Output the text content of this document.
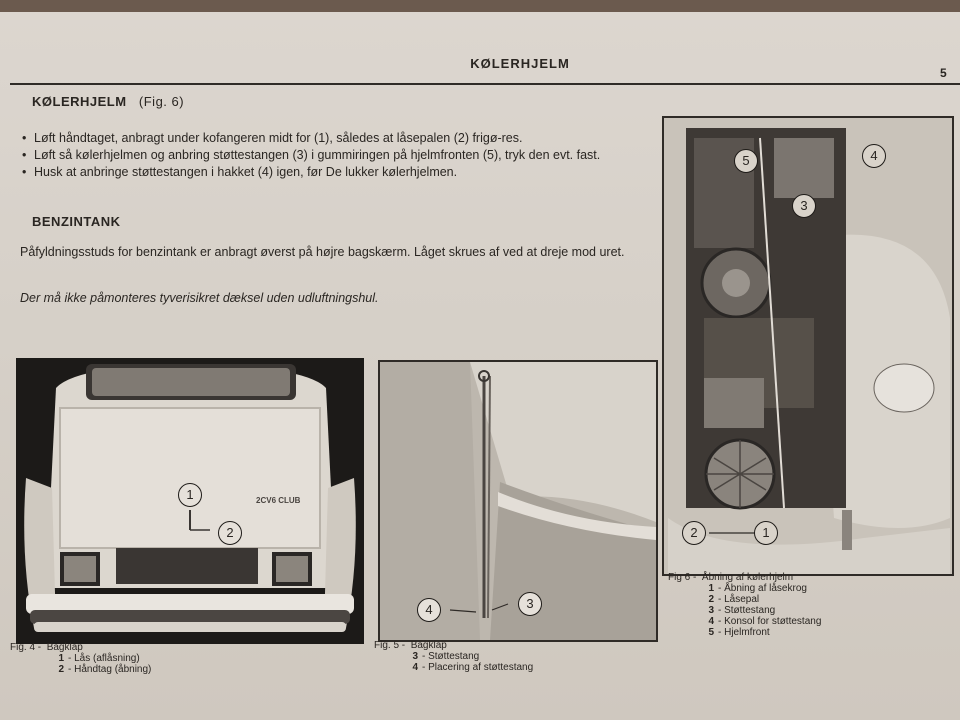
KØLERHJELM
5
KØLERHJELM (Fig. 6)
• Løft håndtaget, anbragt under kofangeren midt for (1), således at låsepalen (2) frigø-res.
• Løft så kølerhjelmen og anbring støttestangen (3) i gummiringen på hjelmfronten (5), tryk den evt. fast.
• Husk at anbringe støttestangen i hakket (4) igen, før De lukker kølerhjelmen.
BENZINTANK
Påfyldningsstuds for benzintank er anbragt øverst på højre bagskærm. Låget skrues af ved at dreje mod uret.
Der må ikke påmonteres tyverisikret dæksel uden udluftningshul.
2CV6 CLUB
1
2
Fig. 4 - Bagklap
1 - Lås (aflåsning)
2 - Håndtag (åbning)
4	3
Fig. 5 - Bagklap
3 - Støttestang
4 - Placering af støttestang
5	4
3
2	1
Fig 6 - Åbning af kølerhjelm
1 - Åbning af låsekrog
2 - Låsepal
3 - Støttestang
4 - Konsol for støttestang
5 - Hjelmfront
